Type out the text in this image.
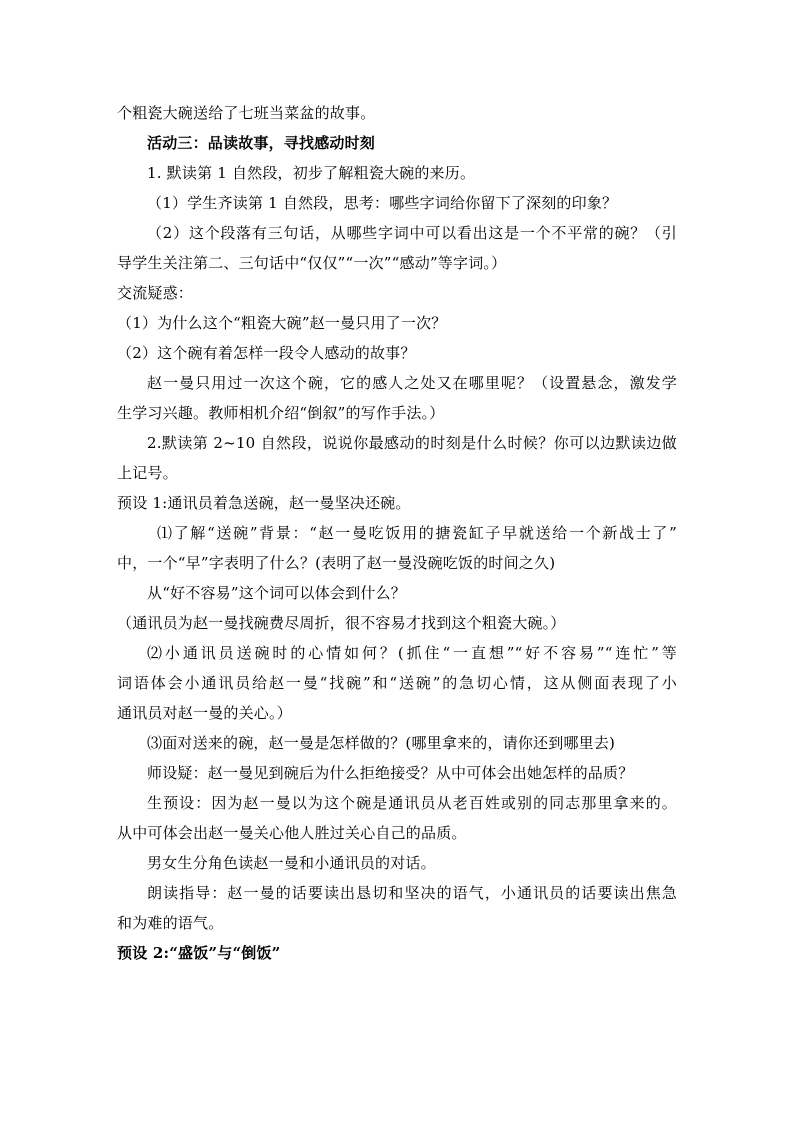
个粗瓷大碗送给了七班当菜盆的故事。
活动三：品读故事，寻找感动时刻
1. 默读第 1 自然段，初步了解粗瓷大碗的来历。
（1）学生齐读第 1 自然段，思考：哪些字词给你留下了深刻的印象？
（2）这个段落有三句话，从哪些字词中可以看出这是一个不平常的碗？（引
导学生关注第二、三句话中“仅仅”“一次”“感动”等字词。）
交流疑惑：
（1）为什么这个“粗瓷大碗”赵一曼只用了一次？
（2）这个碗有着怎样一段令人感动的故事？
赵一曼只用过一次这个碗，它的感人之处又在哪里呢？（设置悬念，激发学
生学习兴趣。教师相机介绍“倒叙”的写作手法。）
2.默读第 2~10 自然段，说说你最感动的时刻是什么时候？你可以边默读边做
上记号。
预设 1:通讯员着急送碗，赵一曼坚决还碗。
⑴了解“送碗”背景：“赵一曼吃饭用的搪瓷缸子早就送给一个新战士了”
中，一个“早”字表明了什么？(表明了赵一曼没碗吃饭的时间之久)
从“好不容易”这个词可以体会到什么？
（通讯员为赵一曼找碗费尽周折，很不容易才找到这个粗瓷大碗。）
⑵小通讯员送碗时的心情如何？(抓住“一直想”“好不容易”“连忙”等
词语体会小通讯员给赵一曼“找碗”和“送碗”的急切心情，这从侧面表现了小
通讯员对赵一曼的关心。）
⑶面对送来的碗，赵一曼是怎样做的？(哪里拿来的，请你还到哪里去)
师设疑：赵一曼见到碗后为什么拒绝接受？从中可体会出她怎样的品质？
生预设：因为赵一曼以为这个碗是通讯员从老百姓或别的同志那里拿来的。
从中可体会出赵一曼关心他人胜过关心自己的品质。
男女生分角色读赵一曼和小通讯员的对话。
朗读指导：赵一曼的话要读出恳切和坚决的语气，小通讯员的话要读出焦急
和为难的语气。
预设 2:“盛饭”与“倒饭”
